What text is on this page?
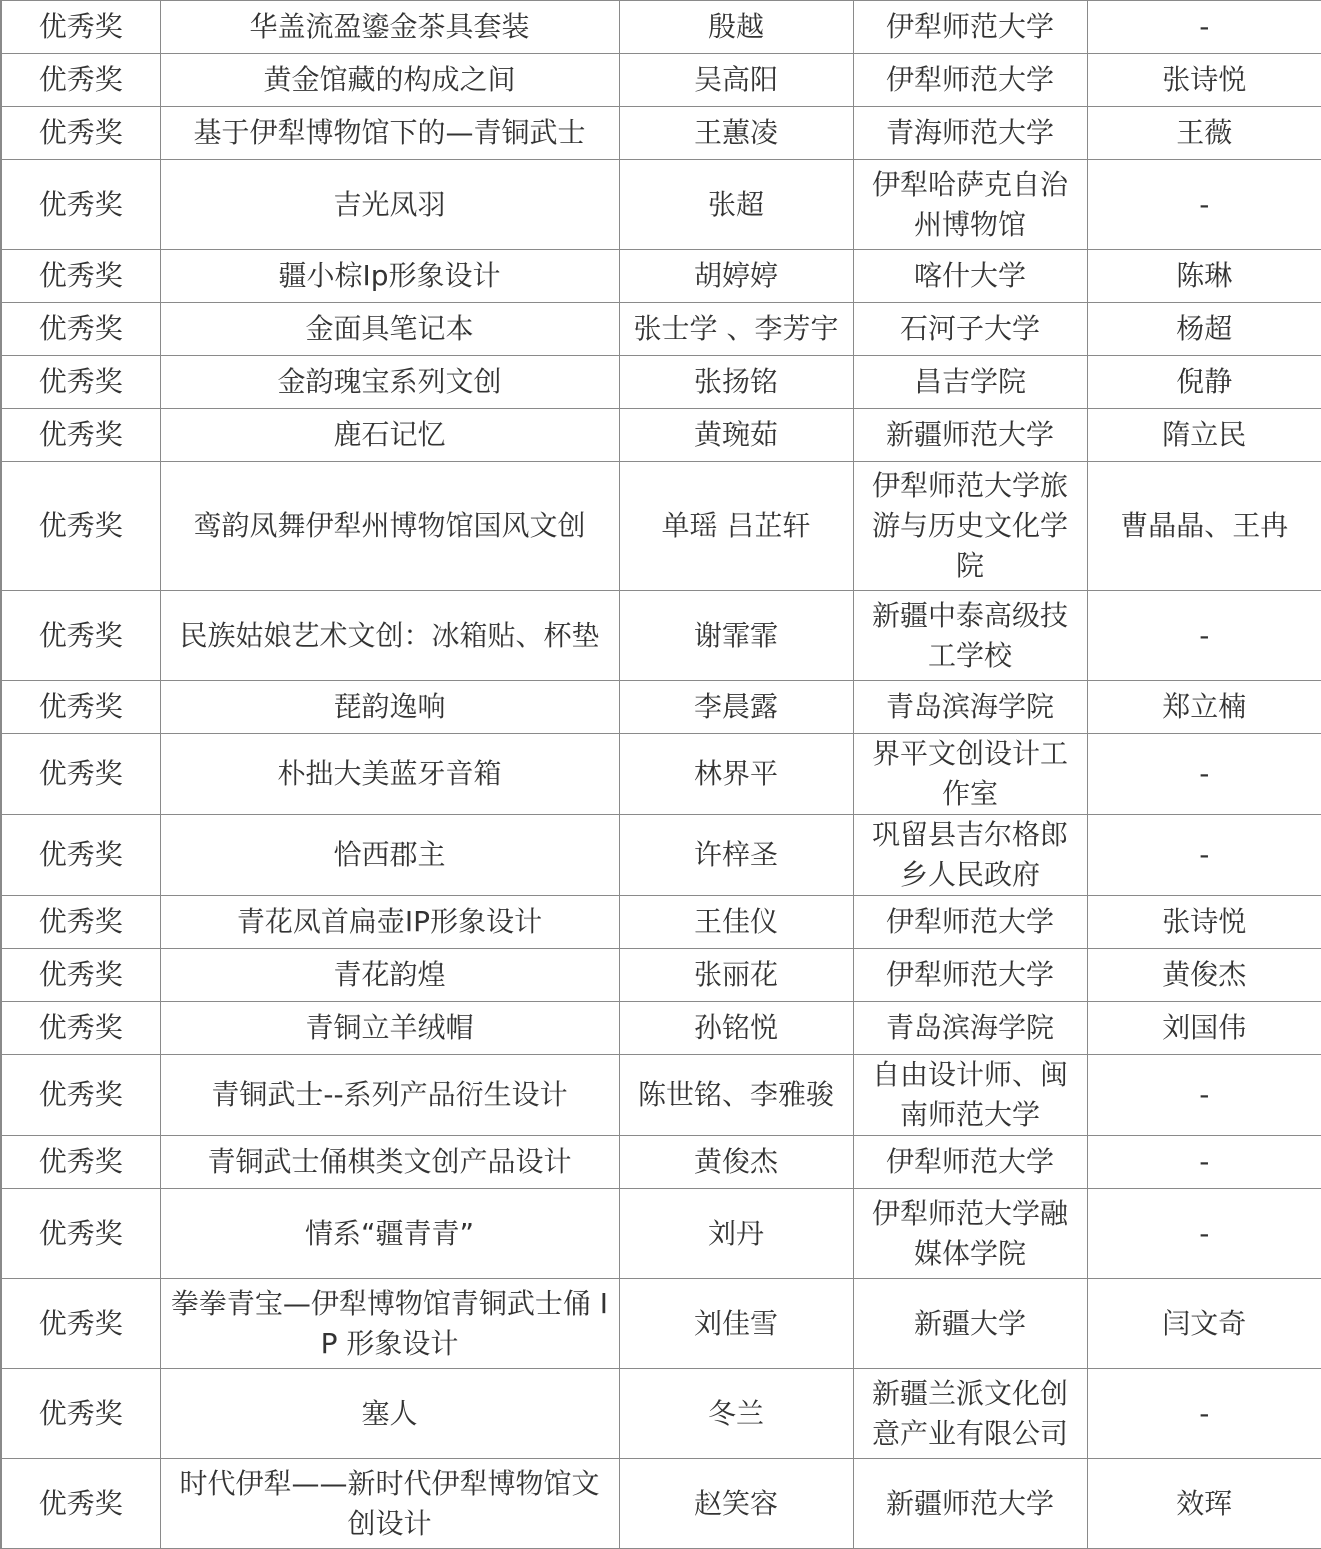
优秀奖	华盖流盈鎏金茶具套装	殷越	伊犁师范大学	-
优秀奖	黄金馆藏的构成之间	吴高阳	伊犁师范大学	张诗悦
优秀奖	基于伊犁博物馆下的—青铜武士	王蕙凌	青海师范大学	王薇
优秀奖	吉光凤羽	张超	伊犁哈萨克自治州博物馆	-
优秀奖	疆小棕Ip形象设计	胡婷婷	喀什大学	陈琳
优秀奖	金面具笔记本	张士学 、李芳宇	石河子大学	杨超
优秀奖	金韵瑰宝系列文创	张扬铭	昌吉学院	倪静
优秀奖	鹿石记忆	黄琬茹	新疆师范大学	隋立民
优秀奖	鸾韵凤舞伊犁州博物馆国风文创	单瑶 吕芷轩	伊犁师范大学旅游与历史文化学院	曹晶晶、王冉
优秀奖	民族姑娘艺术文创：冰箱贴、杯垫	谢霏霏	新疆中泰高级技工学校	-
优秀奖	琵韵逸响	李晨露	青岛滨海学院	郑立楠
优秀奖	朴拙大美蓝牙音箱	林界平	界平文创设计工作室	-
优秀奖	恰西郡主	许梓圣	巩留县吉尔格郎乡人民政府	-
优秀奖	青花凤首扁壶IP形象设计	王佳仪	伊犁师范大学	张诗悦
优秀奖	青花韵煌	张丽花	伊犁师范大学	黄俊杰
优秀奖	青铜立羊绒帽	孙铭悦	青岛滨海学院	刘国伟
优秀奖	青铜武士--系列产品衍生设计	陈世铭、李雅骏	自由设计师、闽南师范大学	-
优秀奖	青铜武士俑棋类文创产品设计	黄俊杰	伊犁师范大学	-
优秀奖	情系“疆青青”	刘丹	伊犁师范大学融媒体学院	-
优秀奖	拳拳青宝—伊犁博物馆青铜武士俑 IP 形象设计	刘佳雪	新疆大学	闫文奇
优秀奖	塞人	冬兰	新疆兰派文化创意产业有限公司	-
优秀奖	时代伊犁——新时代伊犁博物馆文创设计	赵笑容	新疆师范大学	效珲
